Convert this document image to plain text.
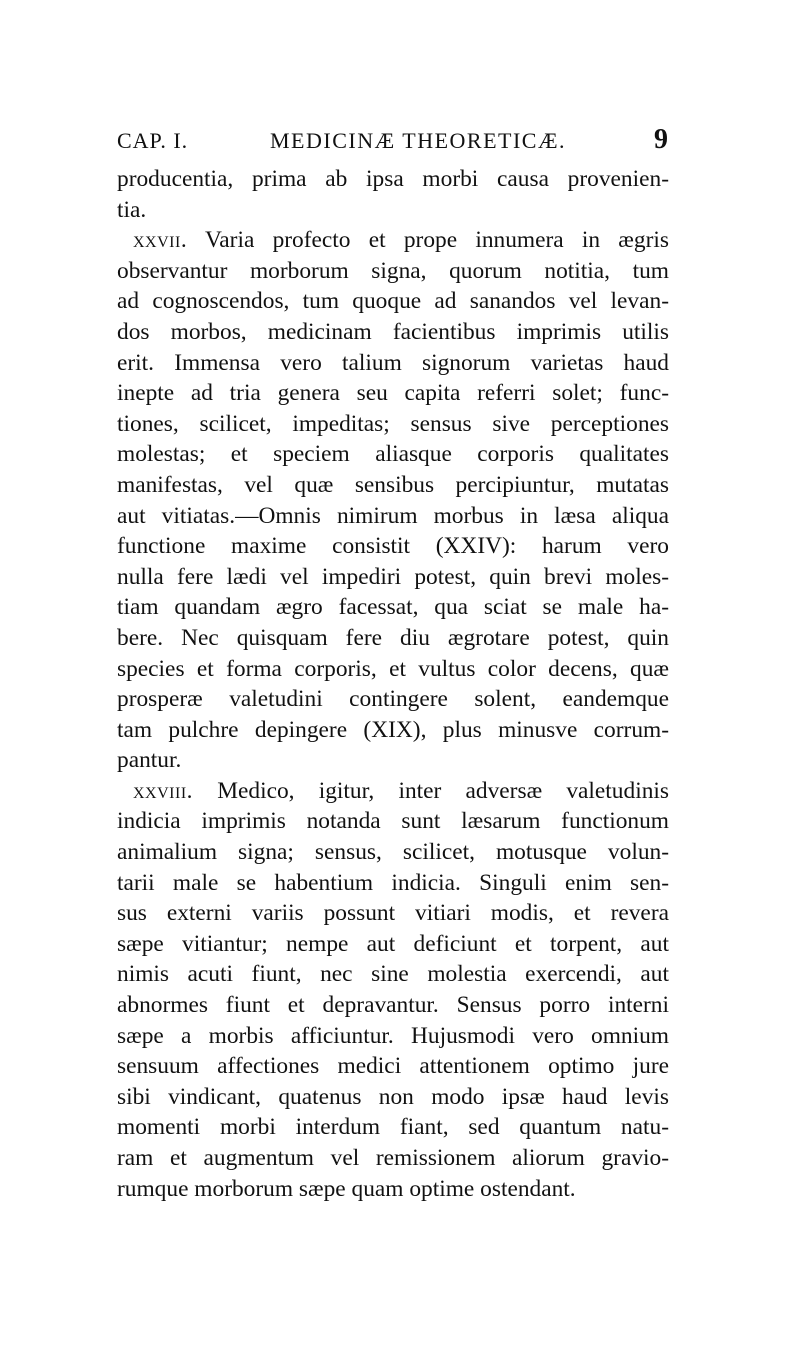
CAP. I.	MEDICINÆ THEORETICÆ.	9

producentia, prima ab ipsa morbi causa provenien-
tia.

xxvii. Varia profecto et prope innumera in ægris
observantur morborum signa, quorum notitia, tum
ad cognoscendos, tum quoque ad sanandos vel levan-
dos morbos, medicinam facientibus imprimis utilis
erit. Immensa vero talium signorum varietas haud
inepte ad tria genera seu capita referri solet; func-
tiones, scilicet, impeditas; sensus sive perceptiones
molestas; et speciem aliasque corporis qualitates
manifestas, vel quæ sensibus percipiuntur, mutatas
aut vitiatas.—Omnis nimirum morbus in læsa aliqua
functione maxime consistit (XXIV): harum vero
nulla fere lædi vel impediri potest, quin brevi moles-
tiam quandam ægro facessat, qua sciat se male ha-
bere. Nec quisquam fere diu ægrotare potest, quin
species et forma corporis, et vultus color decens, quæ
prosperæ valetudini contingere solent, eandemque
tam pulchre depingere (XIX), plus minusve corrum-
pantur.

xxviii. Medico, igitur, inter adversæ valetudinis
indicia imprimis notanda sunt læsarum functionum
animalium signa; sensus, scilicet, motusque volun-
tarii male se habentium indicia. Singuli enim sen-
sus externi variis possunt vitiari modis, et revera
sæpe vitiantur; nempe aut deficiunt et torpent, aut
nimis acuti fiunt, nec sine molestia exercendi, aut
abnormes fiunt et depravantur. Sensus porro interni
sæpe a morbis afficiuntur. Hujusmodi vero omnium
sensuum affectiones medici attentionem optimo jure
sibi vindicant, quatenus non modo ipsæ haud levis
momenti morbi interdum fiant, sed quantum natu-
ram et augmentum vel remissionem aliorum gravio-
rumque morborum sæpe quam optime ostendant.
